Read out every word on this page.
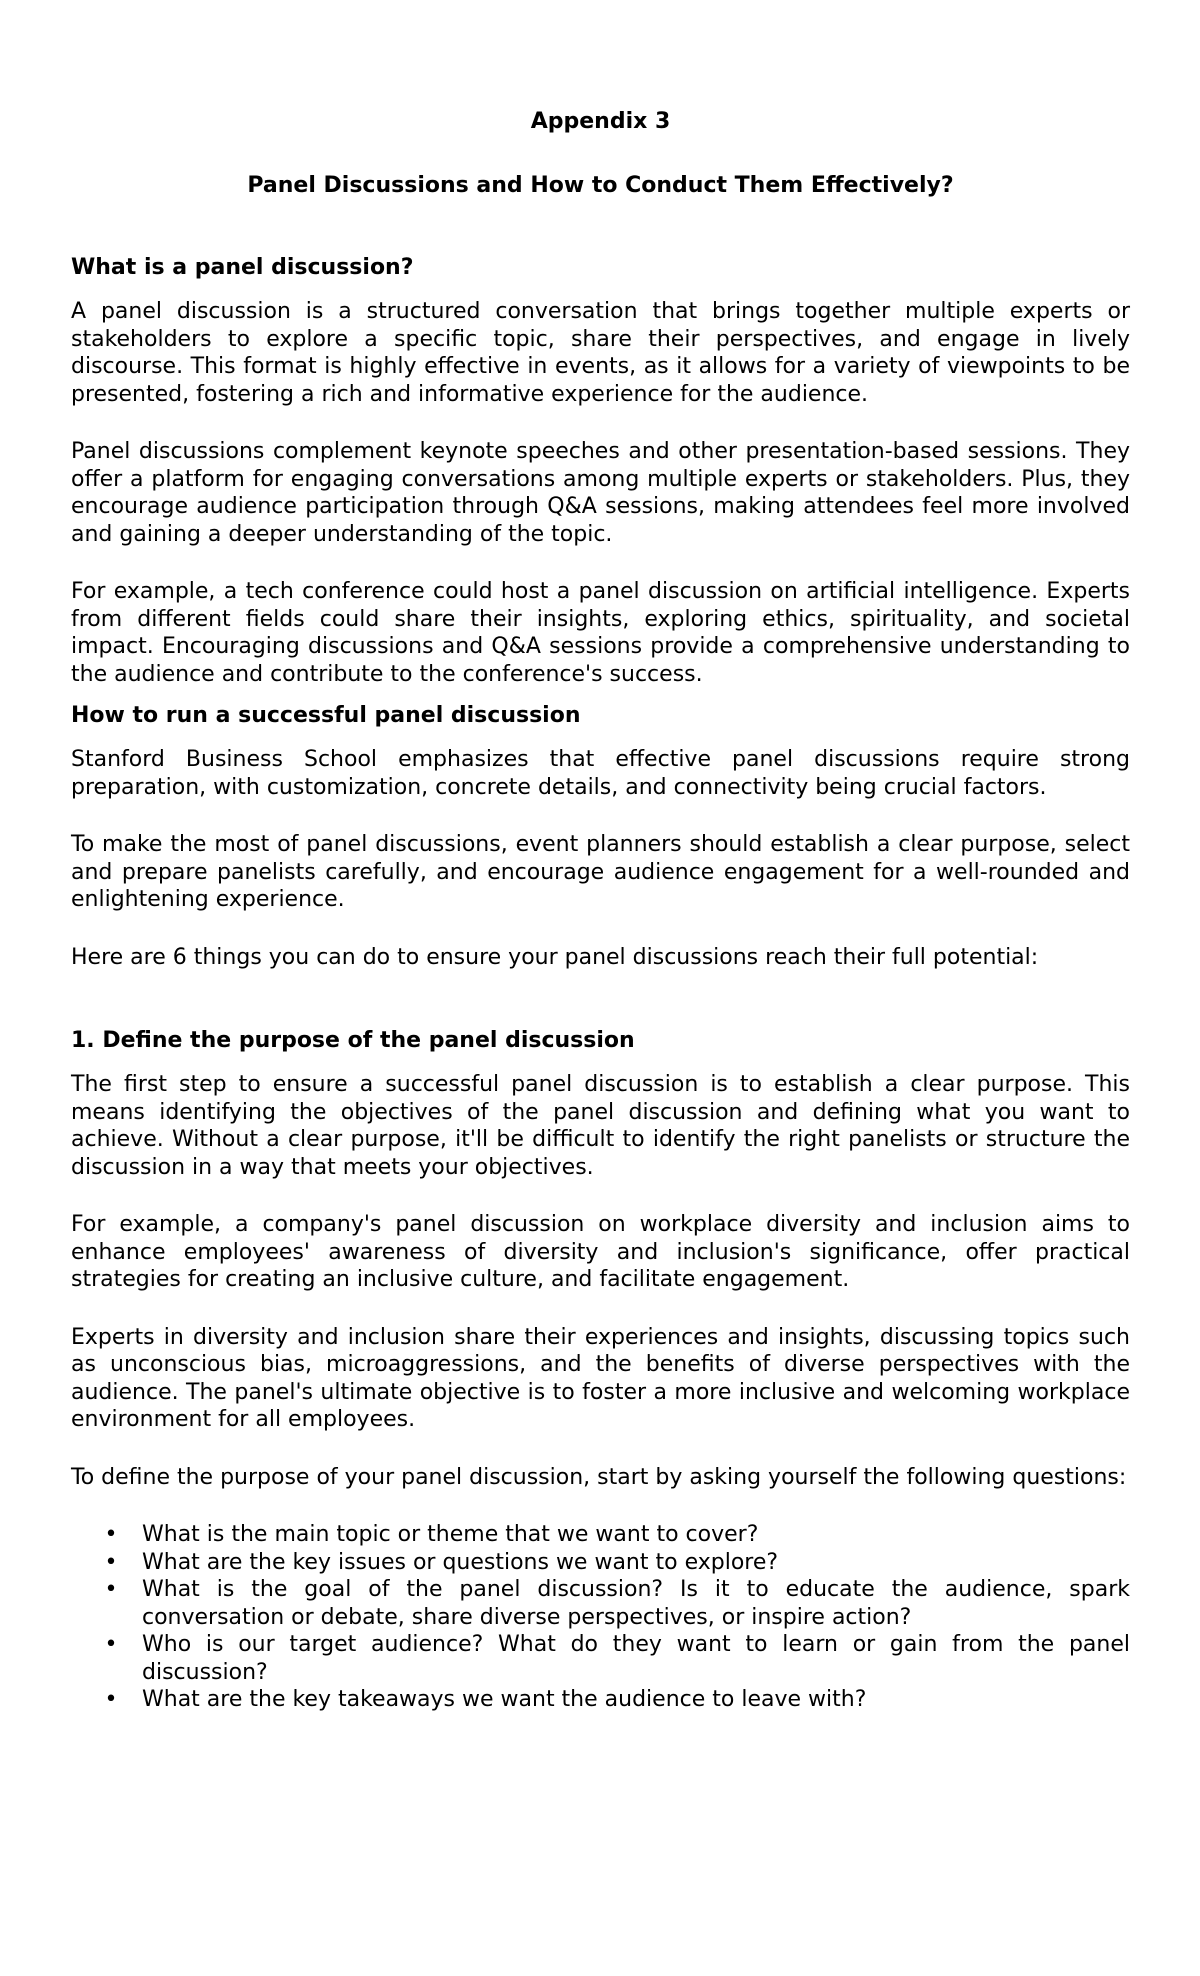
Appendix 3
Panel Discussions and How to Conduct Them Effectively?
What is a panel discussion?

A panel discussion is a structured conversation that brings together multiple experts or stakeholders to explore a specific topic, share their perspectives, and engage in lively discourse. This format is highly effective in events, as it allows for a variety of viewpoints to be presented, fostering a rich and informative experience for the audience.

Panel discussions complement keynote speeches and other presentation-based sessions. They offer a platform for engaging conversations among multiple experts or stakeholders. Plus, they encourage audience participation through Q&A sessions, making attendees feel more involved and gaining a deeper understanding of the topic.

For example, a tech conference could host a panel discussion on artificial intelligence. Experts from different fields could share their insights, exploring ethics, spirituality, and societal impact. Encouraging discussions and Q&A sessions provide a comprehensive understanding to the audience and contribute to the conference's success.

How to run a successful panel discussion

Stanford Business School emphasizes that effective panel discussions require strong preparation, with customization, concrete details, and connectivity being crucial factors.

To make the most of panel discussions, event planners should establish a clear purpose, select and prepare panelists carefully, and encourage audience engagement for a well-rounded and enlightening experience.

Here are 6 things you can do to ensure your panel discussions reach their full potential:

1. Define the purpose of the panel discussion

The first step to ensure a successful panel discussion is to establish a clear purpose. This means identifying the objectives of the panel discussion and defining what you want to achieve. Without a clear purpose, it'll be difficult to identify the right panelists or structure the discussion in a way that meets your objectives.

For example, a company's panel discussion on workplace diversity and inclusion aims to enhance employees' awareness of diversity and inclusion's significance, offer practical strategies for creating an inclusive culture, and facilitate engagement.

Experts in diversity and inclusion share their experiences and insights, discussing topics such as unconscious bias, microaggressions, and the benefits of diverse perspectives with the audience. The panel's ultimate objective is to foster a more inclusive and welcoming workplace environment for all employees.

To define the purpose of your panel discussion, start by asking yourself the following questions:

• What is the main topic or theme that we want to cover?
• What are the key issues or questions we want to explore?
• What is the goal of the panel discussion? Is it to educate the audience, spark conversation or debate, share diverse perspectives, or inspire action?
• Who is our target audience? What do they want to learn or gain from the panel discussion?
• What are the key takeaways we want the audience to leave with?
